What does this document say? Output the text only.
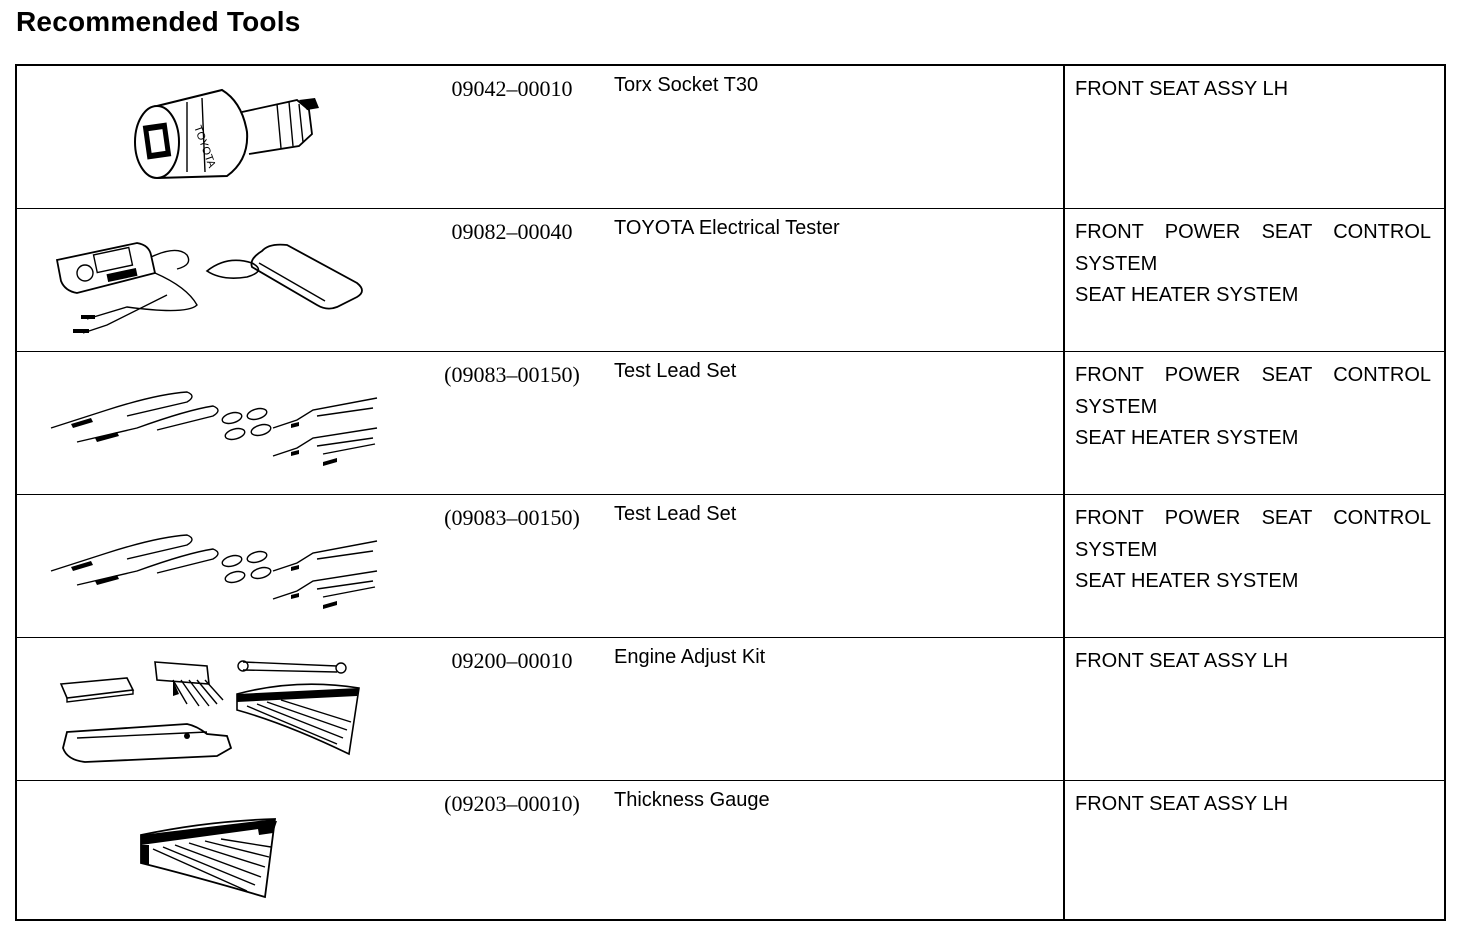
Recommended Tools
TOYOTA
09042–00010	Torx Socket T30	FRONT SEAT ASSY LH
09082–00040	TOYOTA Electrical Tester	FRONT POWER SEAT CONTROL
SYSTEM
SEAT HEATER SYSTEM
(09083–00150)	Test Lead Set	FRONT POWER SEAT CONTROL
SYSTEM
SEAT HEATER SYSTEM
(09083–00150)	Test Lead Set	FRONT POWER SEAT CONTROL
SYSTEM
SEAT HEATER SYSTEM
09200–00010	Engine Adjust Kit	FRONT SEAT ASSY LH
(09203–00010)	Thickness Gauge	FRONT SEAT ASSY LH
